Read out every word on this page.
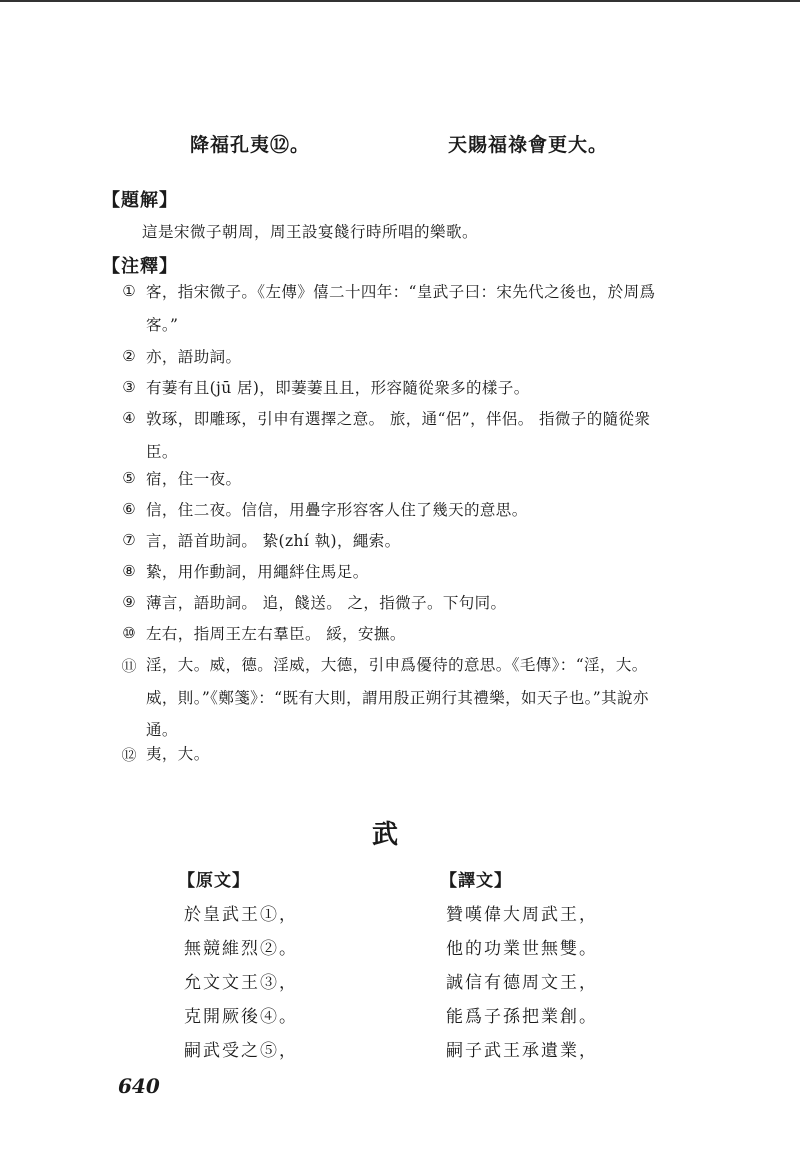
降福孔夷⑫。	天賜福祿會更大。
【題解】
這是宋微子朝周，周王設宴餞行時所唱的樂歌。
【注釋】
① 客，指宋微子。《左傳》僖二十四年：“皇武子曰：宋先代之後也，於周爲客。”
② 亦，語助詞。
③ 有萋有且(jū 居)，即萋萋且且，形容隨從衆多的樣子。
④ 敦琢，即雕琢，引申有選擇之意。 旅，通“侶”，伴侶。 指微子的隨從衆臣。
⑤ 宿，住一夜。
⑥ 信，住二夜。信信，用疊字形容客人住了幾天的意思。
⑦ 言，語首助詞。 絷(zhí 執)，繩索。
⑧ 絷，用作動詞，用繩絆住馬足。
⑨ 薄言，語助詞。 追，餞送。 之，指微子。下句同。
⑩ 左右，指周王左右羣臣。 綏，安撫。
⑪ 淫，大。威，德。淫威，大德，引申爲優待的意思。《毛傳》：“淫，大。威，則。”《鄭箋》：“既有大則，謂用殷正朔行其禮樂，如天子也。”其說亦通。
⑫ 夷，大。
武
【原文】	【譯文】
於皇武王①，	贊嘆偉大周武王，
無競維烈②。	他的功業世無雙。
允文文王③，	誠信有德周文王，
克開厥後④。	能爲子孫把業創。
嗣武受之⑤，	嗣子武王承遺業，
640
